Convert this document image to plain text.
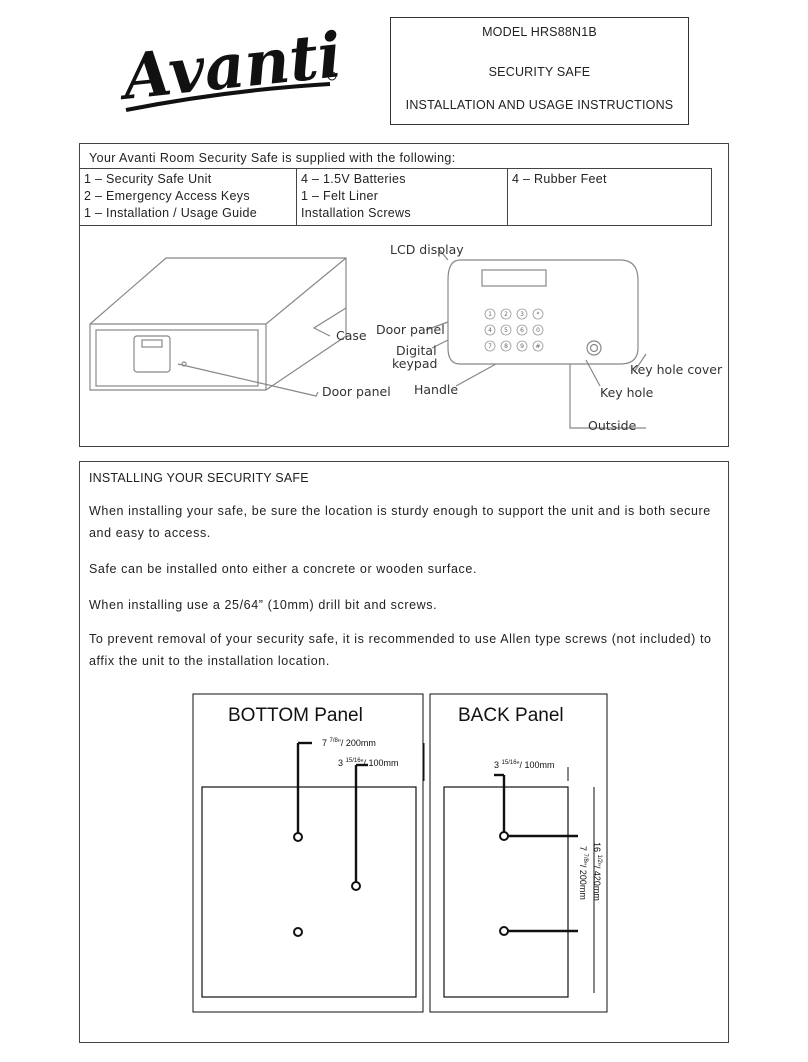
Avanti	MODEL HRS88N1B
SECURITY SAFE
INSTALLATION AND USAGE INSTRUCTIONS
Your Avanti Room Security Safe is supplied with the following:
1 – Security Safe Unit
2 – Emergency Access Keys
1 – Installation / Usage Guide

4 – 1.5V Batteries
1 – Felt Liner
Installation Screws

4 – Rubber Feet
1 2 3 *
4 5 6 0
7 8 9 #
LCD display
Case Door panel
Digital
keypad
Door panel Handle
Key hole cover
Key hole
Outside
INSTALLING YOUR SECURITY SAFE
When installing your safe, be sure the location is sturdy enough to support the unit and is both secure and easy to access.
Safe can be installed onto either a concrete or wooden surface.
When installing use a 25/64” (10mm) drill bit and screws.
To prevent removal of your security safe, it is recommended to use Allen type screws (not included) to affix the unit to the installation location.
BOTTOM Panel	BACK Panel
7 $^{7/8}$”/ 200mm
3 $^{15/16}$”/ 100mm	3 $^{15/16}$”/ 100mm
16 $^{1/2}$”/ 420mm
7 $^{7/8}$”/ 200mm
